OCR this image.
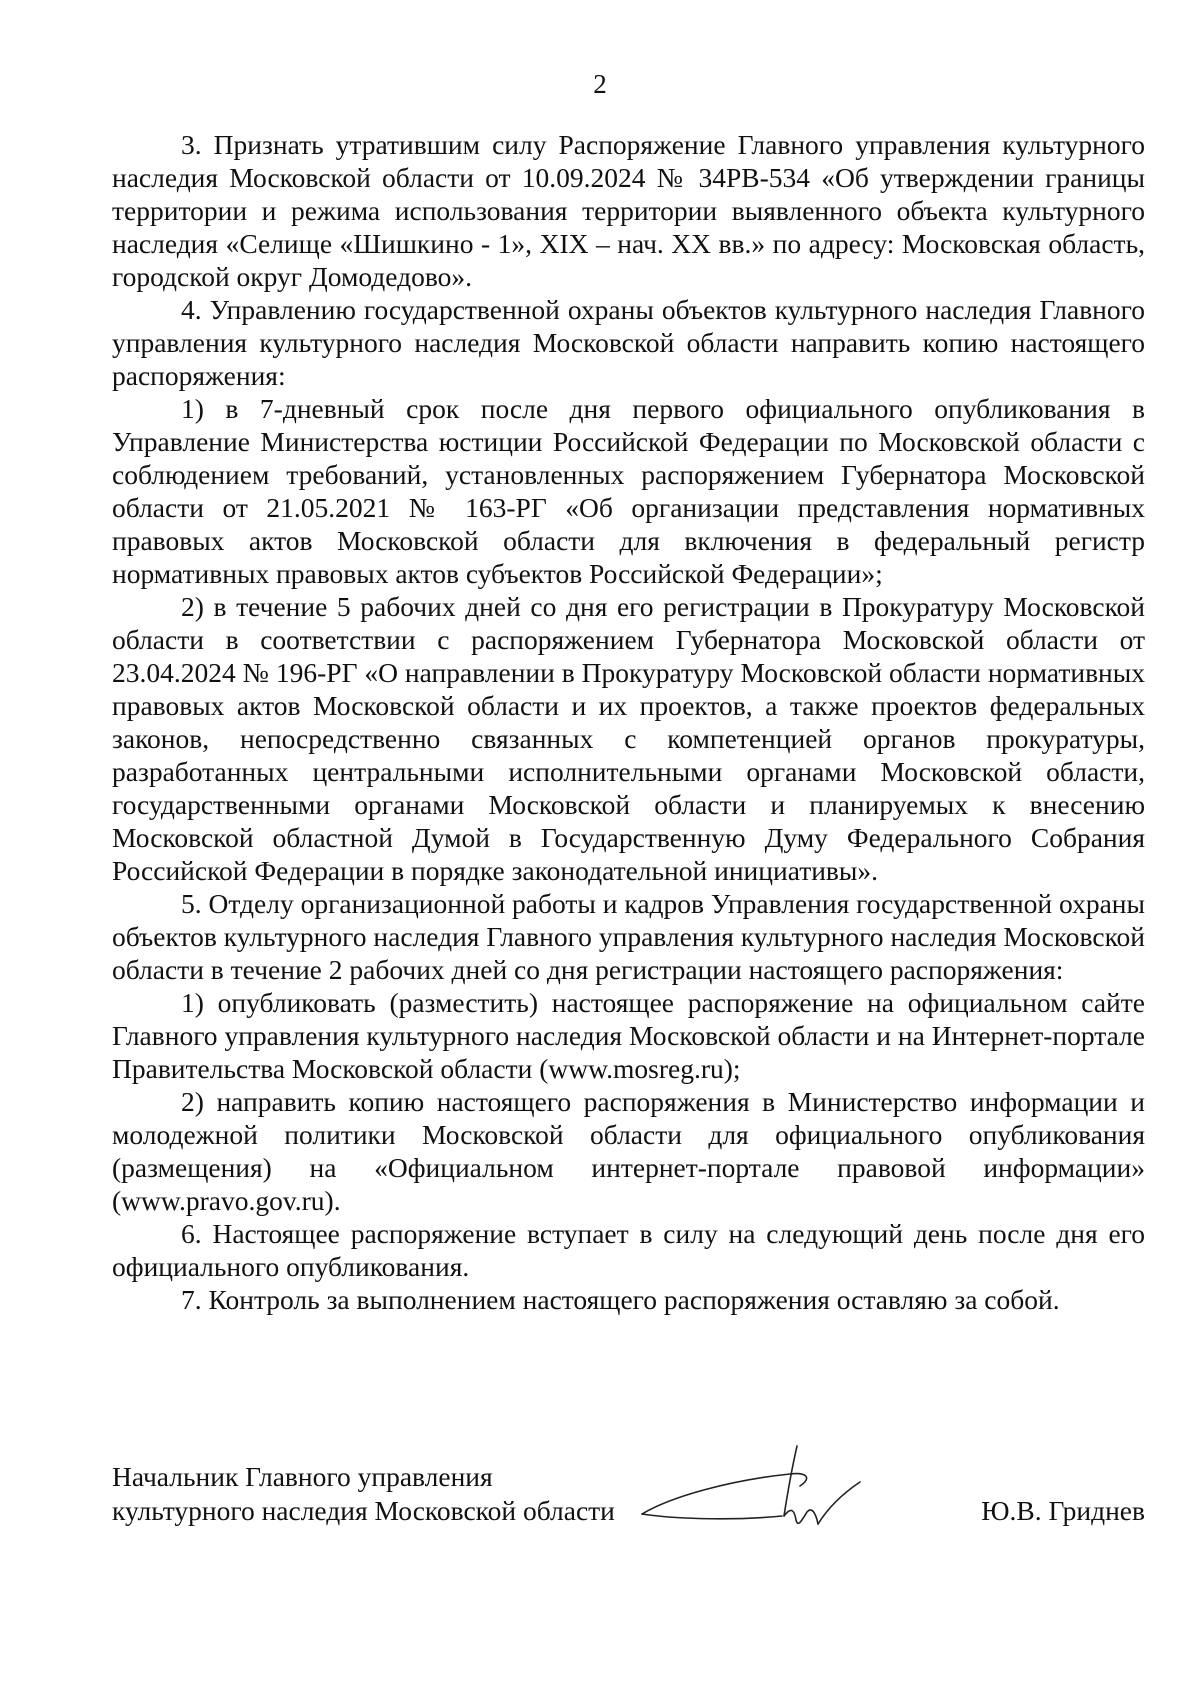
2

3. Признать утратившим силу Распоряжение Главного управления культурного наследия Московской области от 10.09.2024 № 34РВ-534 «Об утверждении границы территории и режима использования территории выявленного объекта культурного наследия «Селище «Шишкино - 1», XIX – нач. XX вв.» по адресу: Московская область, городской округ Домодедово».

4. Управлению государственной охраны объектов культурного наследия Главного управления культурного наследия Московской области направить копию настоящего распоряжения:

1) в 7-дневный срок после дня первого официального опубликования в Управление Министерства юстиции Российской Федерации по Московской области с соблюдением требований, установленных распоряжением Губернатора Московской области от 21.05.2021 № 163-РГ «Об организации представления нормативных правовых актов Московской области для включения в федеральный регистр нормативных правовых актов субъектов Российской Федерации»;

2) в течение 5 рабочих дней со дня его регистрации в Прокуратуру Московской области в соответствии с распоряжением Губернатора Московской области от 23.04.2024 № 196-РГ «О направлении в Прокуратуру Московской области нормативных правовых актов Московской области и их проектов, а также проектов федеральных законов, непосредственно связанных с компетенцией органов прокуратуры, разработанных центральными исполнительными органами Московской области, государственными органами Московской области и планируемых к внесению Московской областной Думой в Государственную Думу Федерального Собрания Российской Федерации в порядке законодательной инициативы».

5. Отделу организационной работы и кадров Управления государственной охраны объектов культурного наследия Главного управления культурного наследия Московской области в течение 2 рабочих дней со дня регистрации настоящего распоряжения:

1) опубликовать (разместить) настоящее распоряжение на официальном сайте Главного управления культурного наследия Московской области и на Интернет-портале Правительства Московской области (www.mosreg.ru);

2) направить копию настоящего распоряжения в Министерство информации и молодежной политики Московской области для официального опубликования (размещения) на «Официальном интернет-портале правовой информации» (www.pravo.gov.ru).

6. Настоящее распоряжение вступает в силу на следующий день после дня его официального опубликования.

7. Контроль за выполнением настоящего распоряжения оставляю за собой.

Начальник Главного управления
культурного наследия Московской области	Ю.В. Гриднев
